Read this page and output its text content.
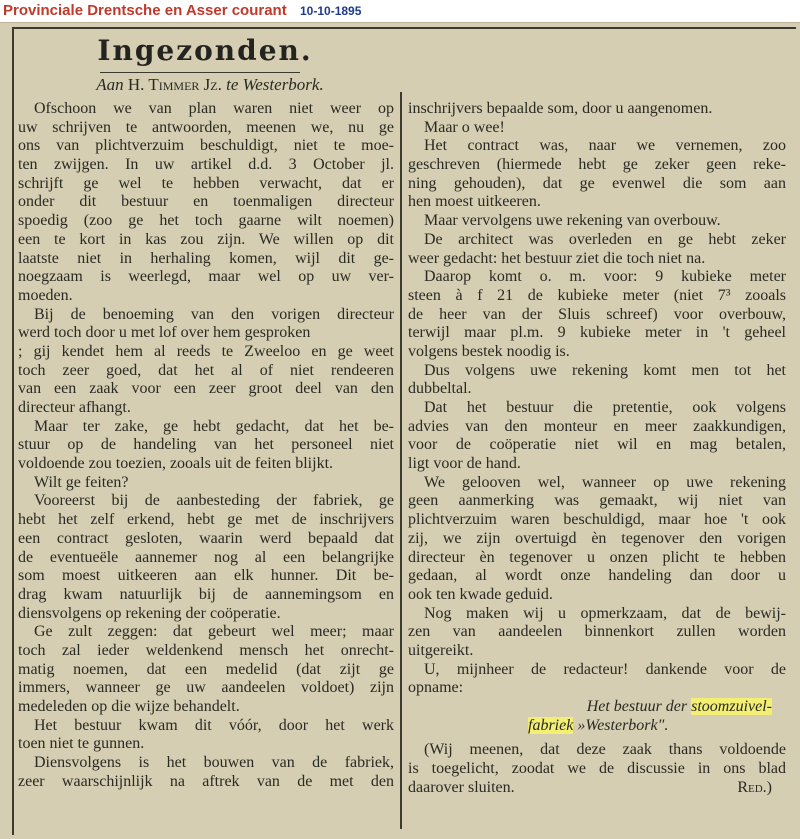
Provinciale Drentsche en Asser courant 10-10-1895
Ingezonden.
Aan H. Timmer Jz. te Westerbork.
Ofschoon we van plan waren niet weer op
uw schrijven te antwoorden, meenen we, nu ge
ons van plichtverzuim beschuldigt, niet te moe-
ten zwijgen. In uw artikel d.d. 3 October jl.
schrijft ge wel te hebben verwacht, dat er
onder dit bestuur en toenmaligen directeur
spoedig (zoo ge het toch gaarne wilt noemen)
een te kort in kas zou zijn. We willen op dit
laatste niet in herhaling komen, wijl dit ge-
noegzaam is weerlegd, maar wel op uw ver-
moeden.
Bij de benoeming van den vorigen directeur
werd toch door u met lof over hem gesproken
; gij kendet hem al reeds te Zweeloo en ge weet
toch zeer goed, dat het al of niet rendeeren
van een zaak voor een zeer groot deel van den
directeur afhangt.
Maar ter zake, ge hebt gedacht, dat het be-
stuur op de handeling van het personeel niet
voldoende zou toezien, zooals uit de feiten blijkt.
Wilt ge feiten?
Vooreerst bij de aanbesteding der fabriek, ge
hebt het zelf erkend, hebt ge met de inschrijvers
een contract gesloten, waarin werd bepaald dat
de eventueële aannemer nog al een belangrijke
som moest uitkeeren aan elk hunner. Dit be-
drag kwam natuurlijk bij de aannemingsom en
diensvolgens op rekening der coöperatie.
Ge zult zeggen: dat gebeurt wel meer; maar
toch zal ieder weldenkend mensch het onrecht-
matig noemen, dat een medelid (dat zijt ge
immers, wanneer ge uw aandeelen voldoet) zijn
medeleden op die wijze behandelt.
Het bestuur kwam dit vóór, door het werk
toen niet te gunnen.
Diensvolgens is het bouwen van de fabriek,
zeer waarschijnlijk na aftrek van de met den
inschrijvers bepaalde som, door u aangenomen.
Maar o wee!
Het contract was, naar we vernemen, zoo
geschreven (hiermede hebt ge zeker geen reke-
ning gehouden), dat ge evenwel die som aan
hen moest uitkeeren.
Maar vervolgens uwe rekening van overbouw.
De architect was overleden en ge hebt zeker
weer gedacht: het bestuur ziet die toch niet na.
Daarop komt o. m. voor: 9 kubieke meter
steen à f 21 de kubieke meter (niet 7³ zooals
de heer van der Sluis schreef) voor overbouw,
terwijl maar pl.m. 9 kubieke meter in 't geheel
volgens bestek noodig is.
Dus volgens uwe rekening komt men tot het
dubbeltal.
Dat het bestuur die pretentie, ook volgens
advies van den monteur en meer zaakkundigen,
voor de coöperatie niet wil en mag betalen,
ligt voor de hand.
We gelooven wel, wanneer op uwe rekening
geen aanmerking was gemaakt, wij niet van
plichtverzuim waren beschuldigd, maar hoe 't ook
zij, we zijn overtuigd èn tegenover den vorigen
directeur èn tegenover u onzen plicht te hebben
gedaan, al wordt onze handeling dan door u
ook ten kwade geduid.
Nog maken wij u opmerkzaam, dat de bewij-
zen van aandeelen binnenkort zullen worden
uitgereikt.
U, mijnheer de redacteur! dankende voor de
opname:
Het bestuur der stoomzuivel-
fabriek »Westerbork".
(Wij meenen, dat deze zaak thans voldoende
is toegelicht, zoodat we de discussie in ons blad
daarover sluiten.	Red.)
